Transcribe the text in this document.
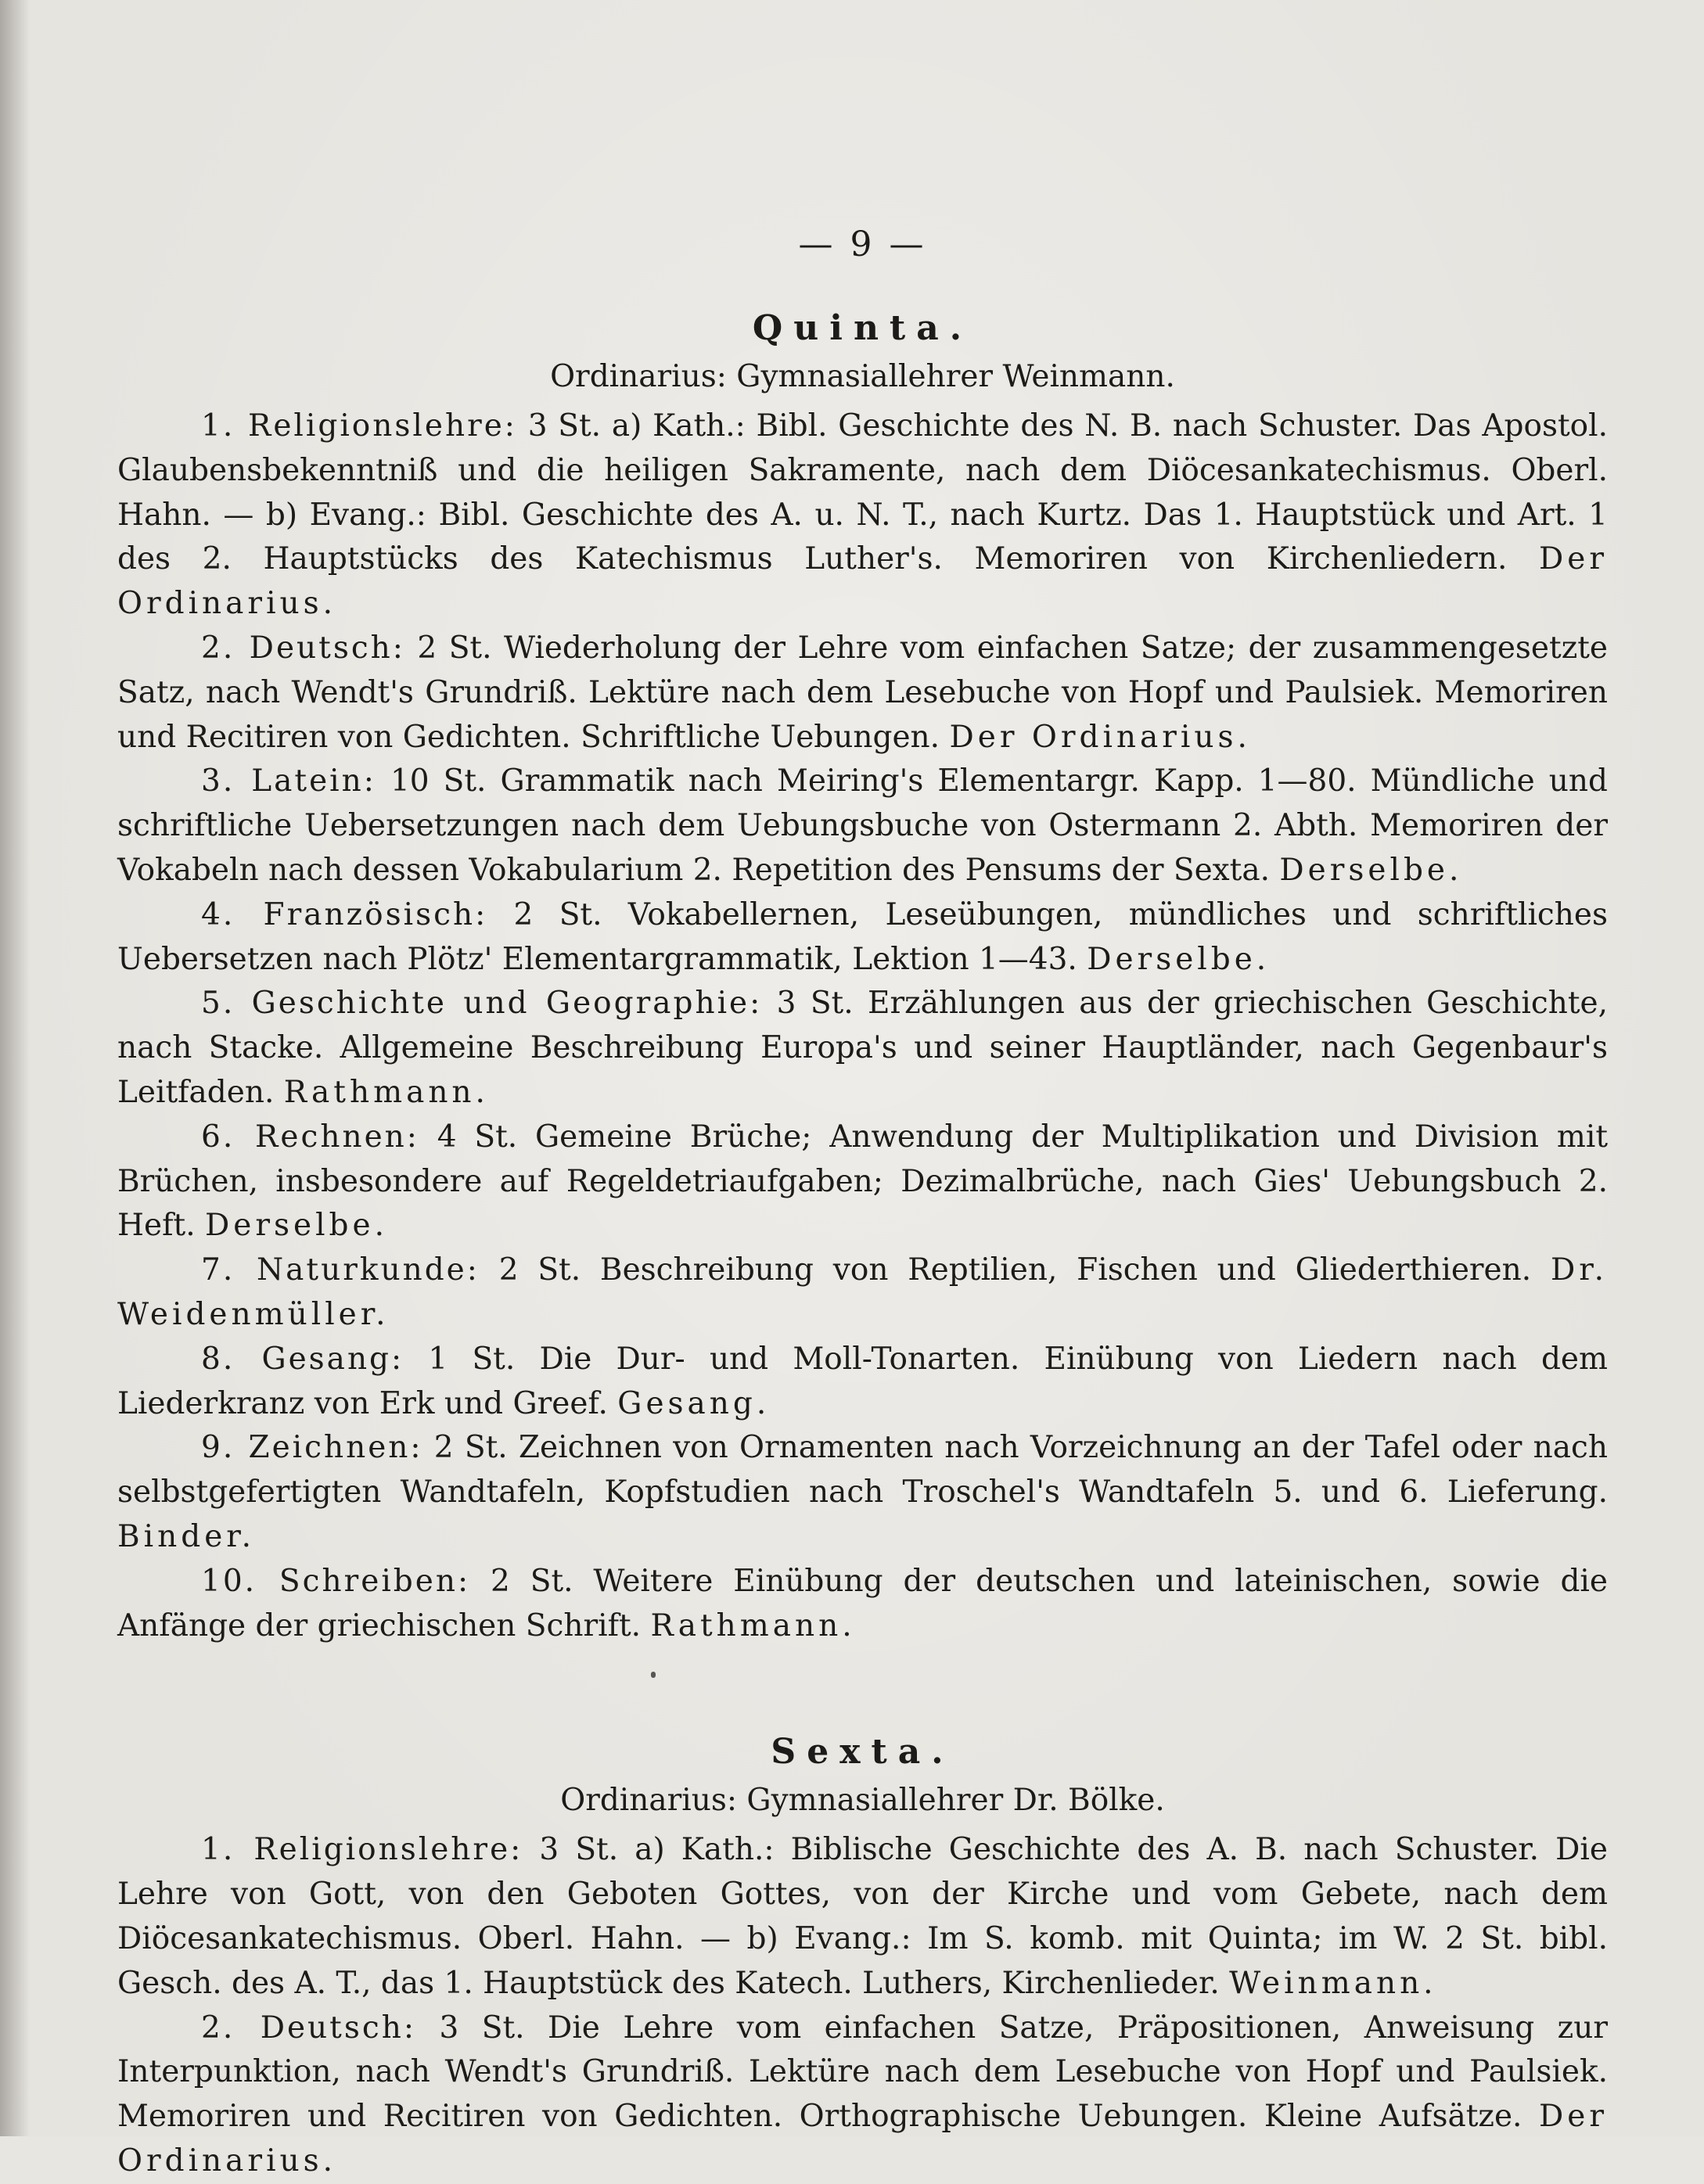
— 9 —
Quinta.
Ordinarius: Gymnasiallehrer Weinmann.

1. Religionslehre: 3 St. a) Kath.: Bibl. Geschichte des N. B. nach Schuster. Das Apostol. Glaubensbekenntniß und die heiligen Sakramente, nach dem Diöcesankatechismus. Oberl. Hahn. — b) Evang.: Bibl. Geschichte des A. u. N. T., nach Kurtz. Das 1. Hauptstück und Art. 1 des 2. Hauptstücks des Katechismus Luther's. Memoriren von Kirchenliedern. Der Ordinarius.

2. Deutsch: 2 St. Wiederholung der Lehre vom einfachen Satze; der zusammengesetzte Satz, nach Wendt's Grundriß. Lektüre nach dem Lesebuche von Hopf und Paulsiek. Memoriren und Recitiren von Gedichten. Schriftliche Uebungen. Der Ordinarius.

3. Latein: 10 St. Grammatik nach Meiring's Elementargr. Kapp. 1—80. Mündliche und schriftliche Uebersetzungen nach dem Uebungsbuche von Ostermann 2. Abth. Memoriren der Vokabeln nach dessen Vokabularium 2. Repetition des Pensums der Sexta. Derselbe.

4. Französisch: 2 St. Vokabellernen, Leseübungen, mündliches und schriftliches Uebersetzen nach Plötz' Elementargrammatik, Lektion 1—43. Derselbe.

5. Geschichte und Geographie: 3 St. Erzählungen aus der griechischen Geschichte, nach Stacke. Allgemeine Beschreibung Europa's und seiner Hauptländer, nach Gegenbaur's Leitfaden. Rathmann.

6. Rechnen: 4 St. Gemeine Brüche; Anwendung der Multiplikation und Division mit Brüchen, insbesondere auf Regeldetriaufgaben; Dezimalbrüche, nach Gies' Uebungsbuch 2. Heft. Derselbe.

7. Naturkunde: 2 St. Beschreibung von Reptilien, Fischen und Gliederthieren. Dr. Weidenmüller.

8. Gesang: 1 St. Die Dur- und Moll-Tonarten. Einübung von Liedern nach dem Liederkranz von Erk und Greef. Gesang.

9. Zeichnen: 2 St. Zeichnen von Ornamenten nach Vorzeichnung an der Tafel oder nach selbstgefertigten Wandtafeln, Kopfstudien nach Troschel's Wandtafeln 5. und 6. Lieferung. Binder.

10. Schreiben: 2 St. Weitere Einübung der deutschen und lateinischen, sowie die Anfänge der griechischen Schrift. Rathmann.

Sexta.
Ordinarius: Gymnasiallehrer Dr. Bölke.

1. Religionslehre: 3 St. a) Kath.: Biblische Geschichte des A. B. nach Schuster. Die Lehre von Gott, von den Geboten Gottes, von der Kirche und vom Gebete, nach dem Diöcesankatechismus. Oberl. Hahn. — b) Evang.: Im S. komb. mit Quinta; im W. 2 St. bibl. Gesch. des A. T., das 1. Hauptstück des Katech. Luthers, Kirchenlieder. Weinmann.

2. Deutsch: 3 St. Die Lehre vom einfachen Satze, Präpositionen, Anweisung zur Interpunktion, nach Wendt's Grundriß. Lektüre nach dem Lesebuche von Hopf und Paulsiek. Memoriren und Recitiren von Gedichten. Orthographische Uebungen. Kleine Aufsätze. Der Ordinarius.
